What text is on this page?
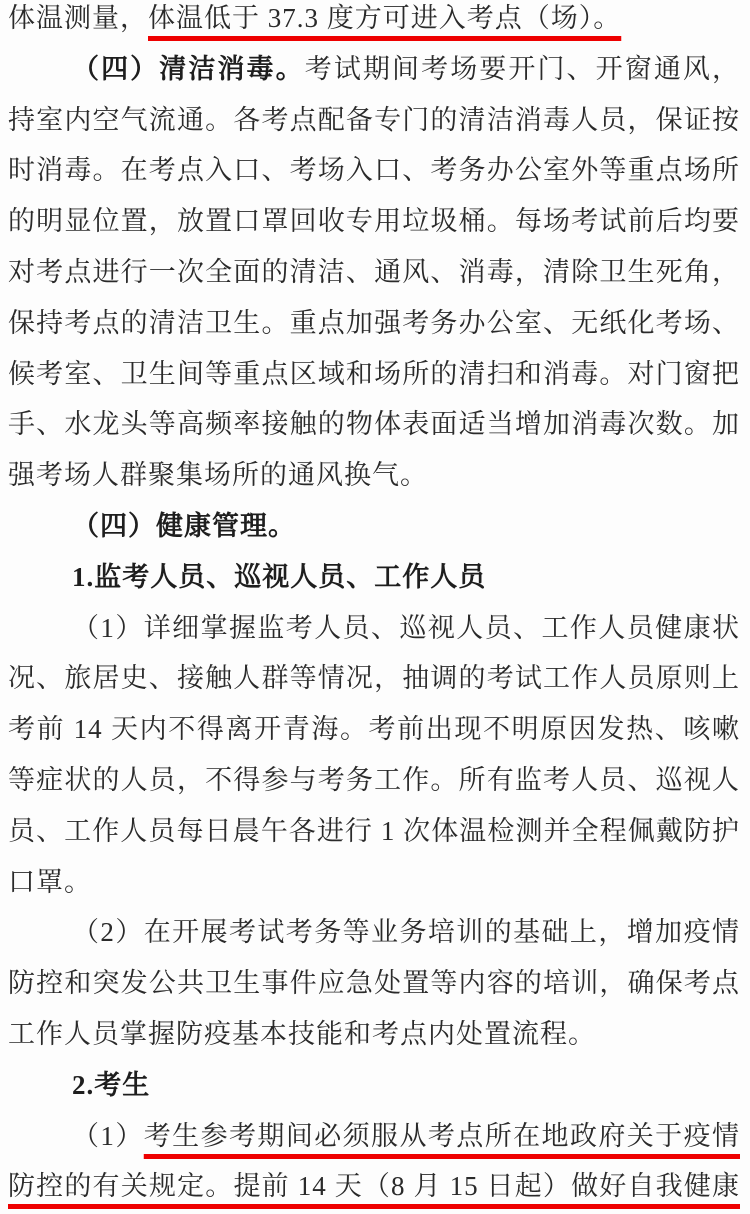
体温测量，体温低于 37.3 度方可进入考点（场）。
（四）清洁消毒。考试期间考场要开门、开窗通风，
持室内空气流通。各考点配备专门的清洁消毒人员，保证按
时消毒。在考点入口、考场入口、考务办公室外等重点场所
的明显位置，放置口罩回收专用垃圾桶。每场考试前后均要
对考点进行一次全面的清洁、通风、消毒，清除卫生死角，
保持考点的清洁卫生。重点加强考务办公室、无纸化考场、
候考室、卫生间等重点区域和场所的清扫和消毒。对门窗把
手、水龙头等高频率接触的物体表面适当增加消毒次数。加
强考场人群聚集场所的通风换气。
（四）健康管理。
1.监考人员、巡视人员、工作人员
（1）详细掌握监考人员、巡视人员、工作人员健康状
况、旅居史、接触人群等情况，抽调的考试工作人员原则上
考前 14 天内不得离开青海。考前出现不明原因发热、咳嗽
等症状的人员，不得参与考务工作。所有监考人员、巡视人
员、工作人员每日晨午各进行 1 次体温检测并全程佩戴防护
口罩。
（2）在开展考试考务等业务培训的基础上，增加疫情
防控和突发公共卫生事件应急处置等内容的培训，确保考点
工作人员掌握防疫基本技能和考点内处置流程。
2.考生
（1）考生参考期间必须服从考点所在地政府关于疫情
防控的有关规定。提前 14 天（8 月 15 日起）做好自我健康
